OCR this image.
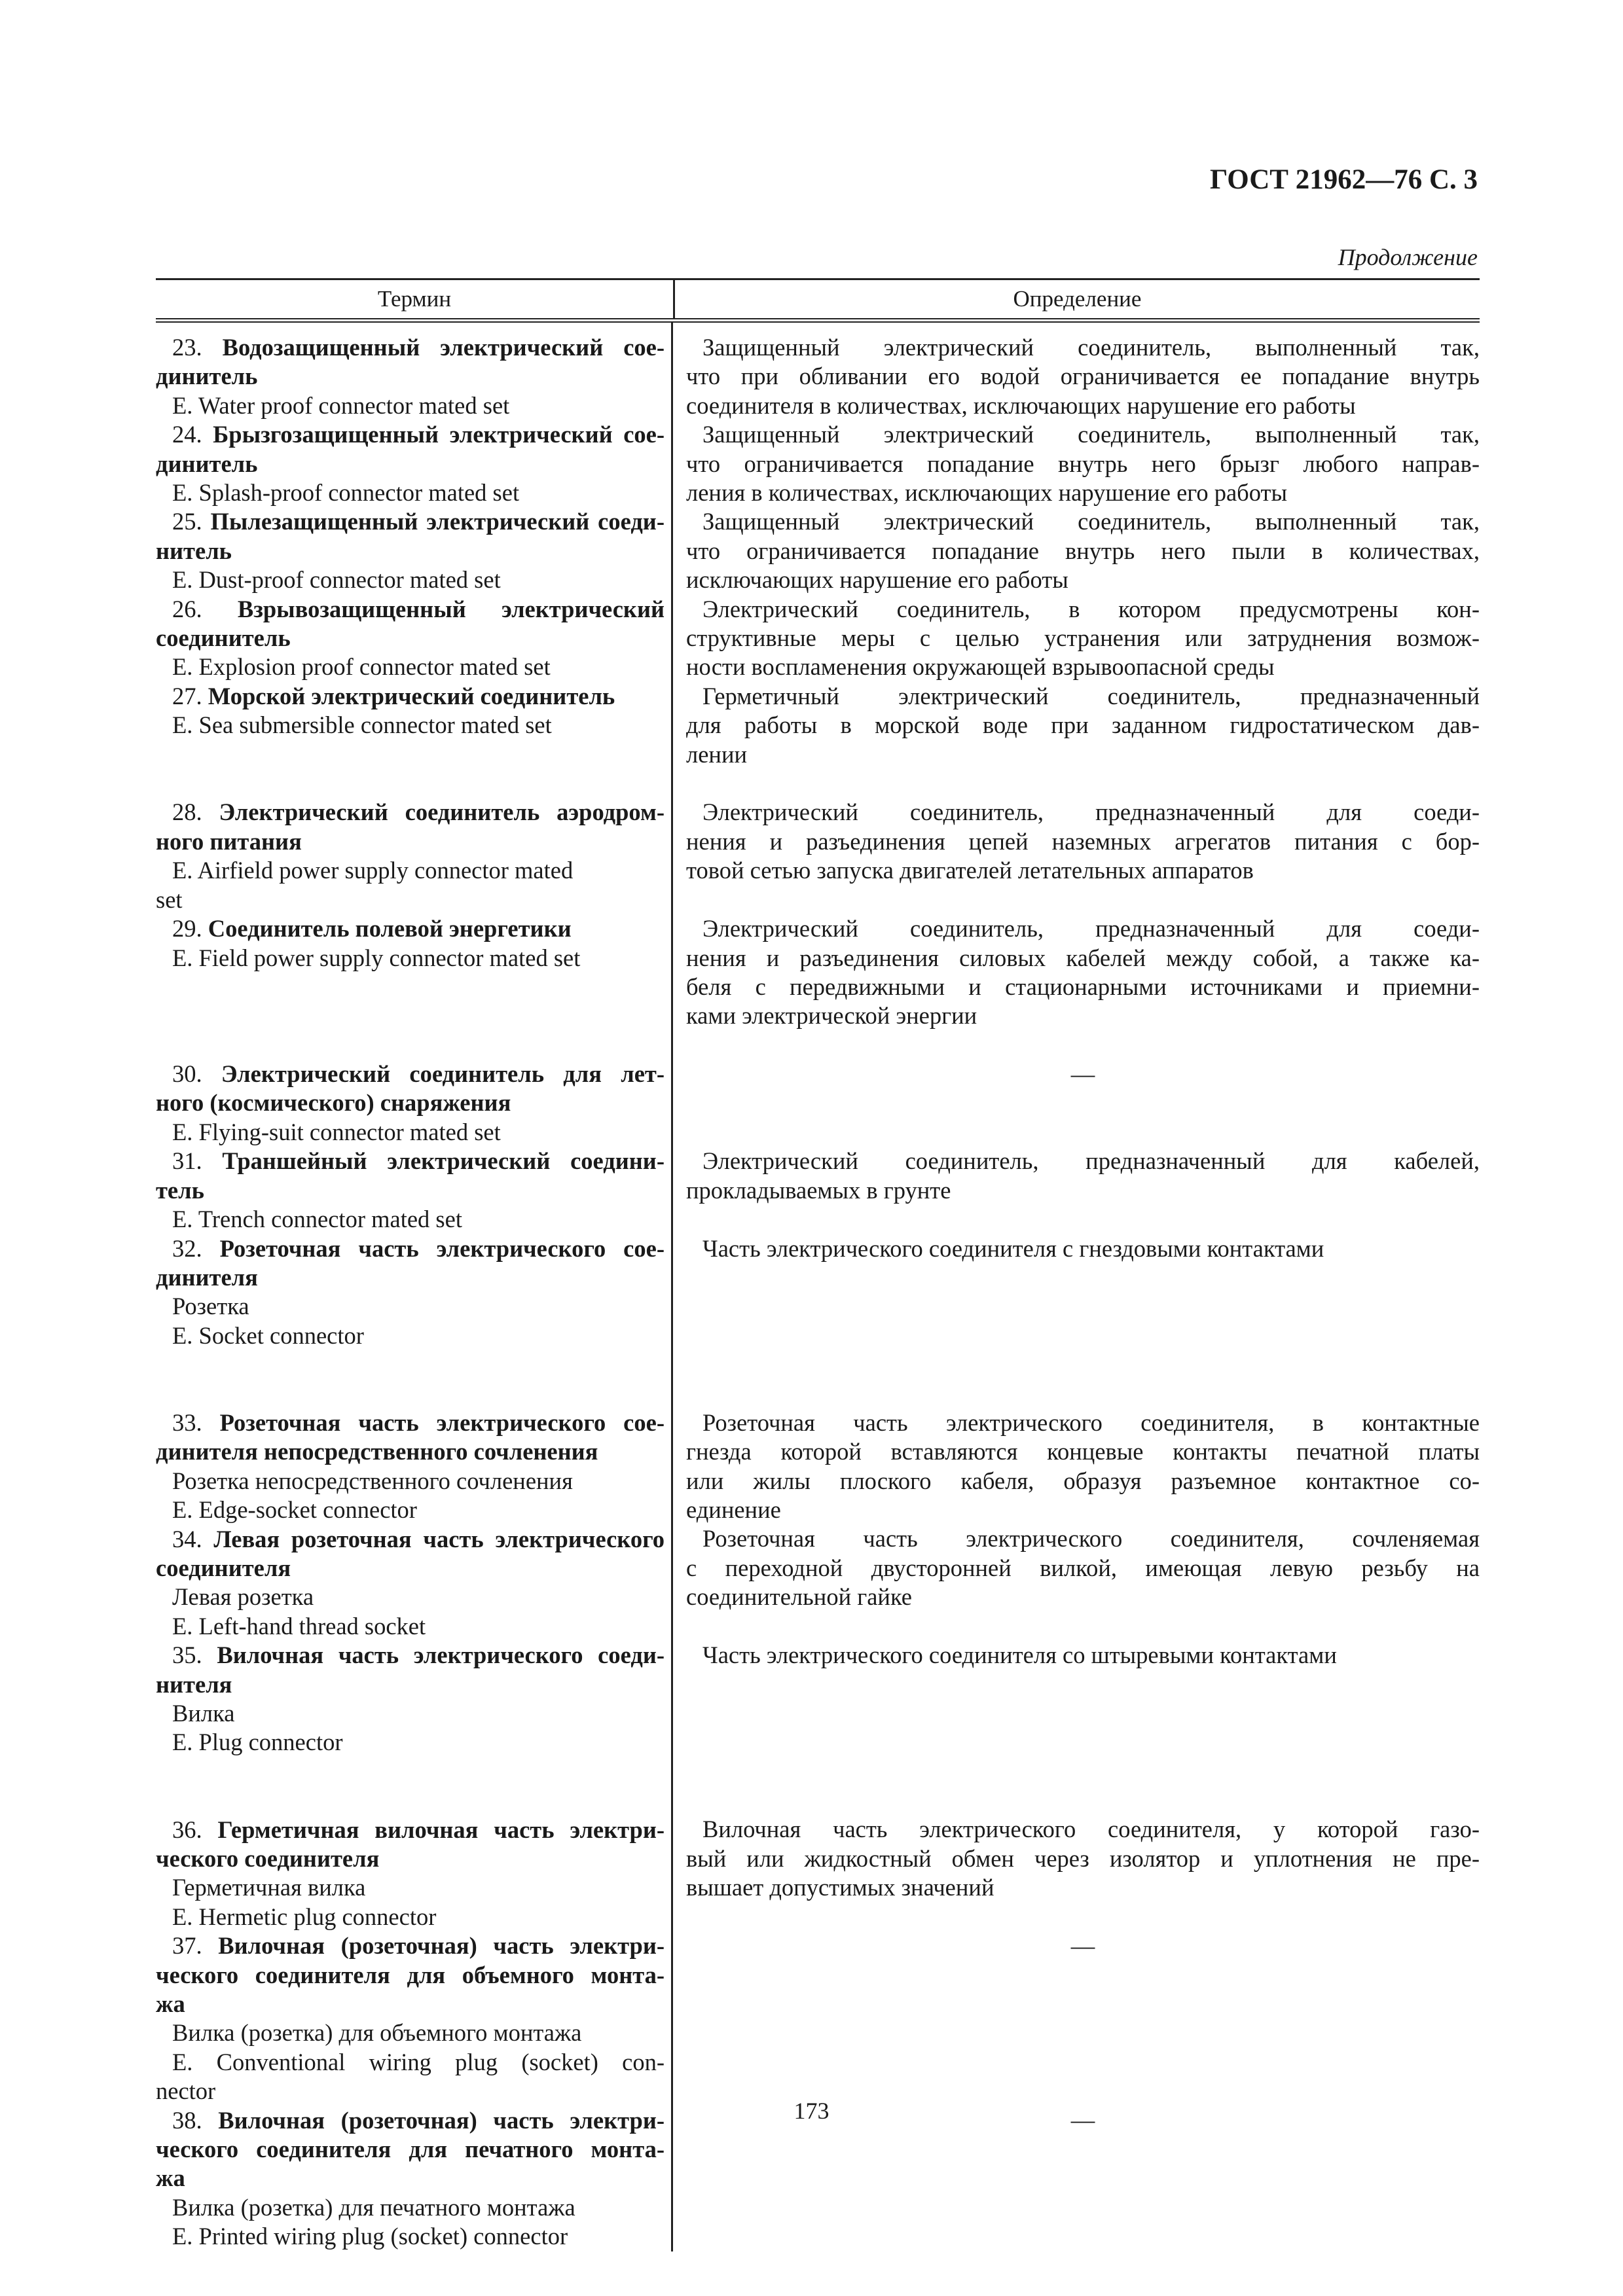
ГОСТ 21962—76 С. 3
Продолжение
Термин	Определение
23. Водозащищенный электрический сое-
динитель
E. Water proof connector mated set
24. Брызгозащищенный электрический сое-
динитель
E. Splash-proof connector mated set
25. Пылезащищенный электрический соеди-
нитель
E. Dust-proof connector mated set
26. Взрывозащищенный электрический
соединитель
E. Explosion proof connector mated set
27. Морской электрический соединитель
E. Sea submersible connector mated set
28. Электрический соединитель аэродром-
ного питания
E. Airfield power supply connector mated
set
29. Соединитель полевой энергетики
E. Field power supply connector mated set
30. Электрический соединитель для лет-
ного (космического) снаряжения
E. Flying-suit connector mated set
31. Траншейный электрический соедини-
тель
E. Trench connector mated set
32. Розеточная часть электрического сое-
динителя
Розетка
E. Socket connector
33. Розеточная часть электрического сое-
динителя непосредственного сочленения
Розетка непосредственного сочленения
E. Edge-socket connector
34. Левая розеточная часть электрического
соединителя
Левая розетка
E. Left-hand thread socket
35. Вилочная часть электрического соеди-
нителя
Вилка
E. Plug connector
36. Герметичная вилочная часть электри-
ческого соединителя
Герметичная вилка
E. Hermetic plug connector
37. Вилочная (розеточная) часть электри-
ческого соединителя для объемного монта-
жа
Вилка (розетка) для объемного монтажа
E. Conventional wiring plug (socket) con-
nector
38. Вилочная (розеточная) часть электри-
ческого соединителя для печатного монта-
жа
Вилка (розетка) для печатного монтажа
E. Printed wiring plug (socket) connector
Защищенный электрический соединитель, выполненный так,
что при обливании его водой ограничивается ее попадание внутрь
соединителя в количествах, исключающих нарушение его работы
Защищенный электрический соединитель, выполненный так,
что ограничивается попадание внутрь него брызг любого направ-
ления в количествах, исключающих нарушение его работы
Защищенный электрический соединитель, выполненный так,
что ограничивается попадание внутрь него пыли в количествах,
исключающих нарушение его работы
Электрический соединитель, в котором предусмотрены кон-
структивные меры с целью устранения или затруднения возмож-
ности воспламенения окружающей взрывоопасной среды
Герметичный электрический соединитель, предназначенный
для работы в морской воде при заданном гидростатическом дав-
лении
Электрический соединитель, предназначенный для соеди-
нения и разъединения цепей наземных агрегатов питания с бор-
товой сетью запуска двигателей летательных аппаратов
Электрический соединитель, предназначенный для соеди-
нения и разъединения силовых кабелей между собой, а также ка-
беля с передвижными и стационарными источниками и приемни-
ками электрической энергии
—
Электрический соединитель, предназначенный для кабелей,
прокладываемых в грунте
Часть электрического соединителя с гнездовыми контактами
Розеточная часть электрического соединителя, в контактные
гнезда которой вставляются концевые контакты печатной платы
или жилы плоского кабеля, образуя разъемное контактное со-
единение
Розеточная часть электрического соединителя, сочленяемая
с переходной двусторонней вилкой, имеющая левую резьбу на
соединительной гайке
Часть электрического соединителя со штыревыми контактами
Вилочная часть электрического соединителя, у которой газо-
вый или жидкостный обмен через изолятор и уплотнения не пре-
вышает допустимых значений
—
—
173
